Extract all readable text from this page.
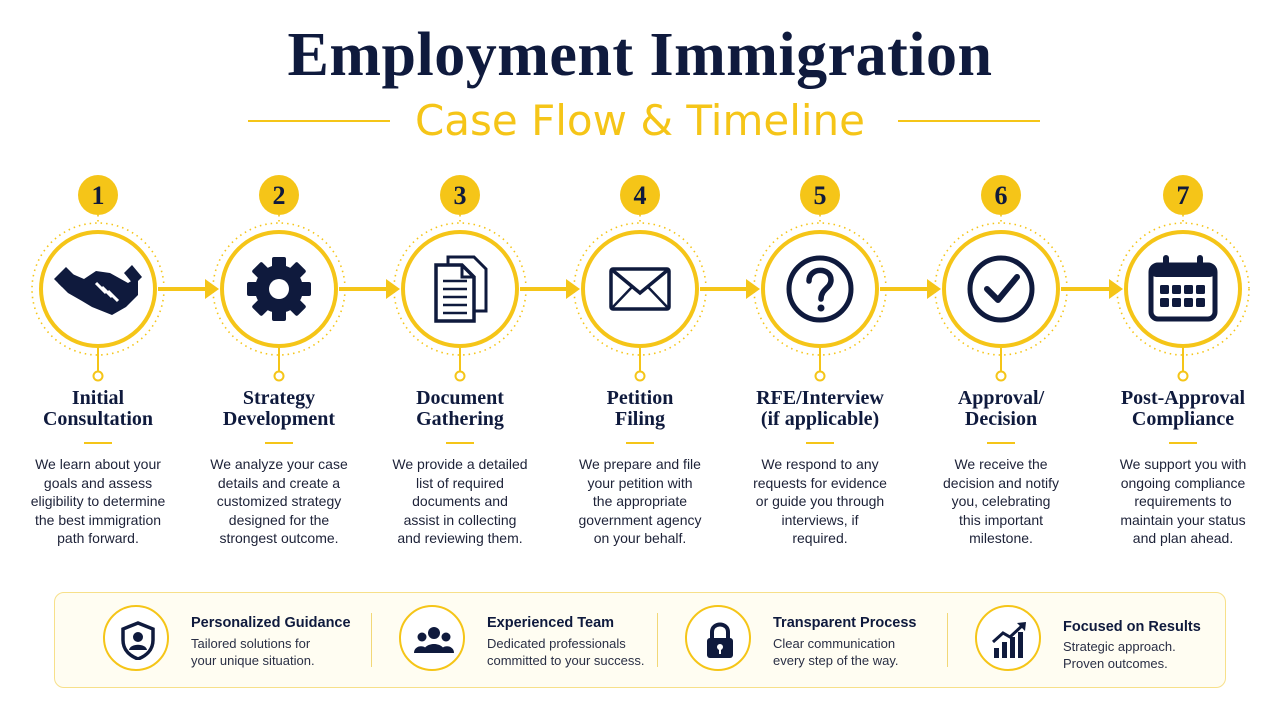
Employment Immigration
Case Flow & Timeline
1	2	3	4	5	6	7
Initial
Consultation
We learn about your
goals and assess
eligibility to determine
the best immigration
path forward.
Strategy
Development
We analyze your case
details and create a
customized strategy
designed for the
strongest outcome.
Document
Gathering
We provide a detailed
list of required
documents and
assist in collecting
and reviewing them.
Petition
Filing
We prepare and file
your petition with
the appropriate
government agency
on your behalf.
RFE/Interview
(if applicable)
We respond to any
requests for evidence
or guide you through
interviews, if
required.
Approval/
Decision
We receive the
decision and notify
you, celebrating
this important
milestone.
Post-Approval
Compliance
We support you with
ongoing compliance
requirements to
maintain your status
and plan ahead.
Personalized Guidance
Tailored solutions for
your unique situation.
Experienced Team
Dedicated professionals
committed to your success.
Transparent Process
Clear communication
every step of the way.
Focused on Results
Strategic approach.
Proven outcomes.
